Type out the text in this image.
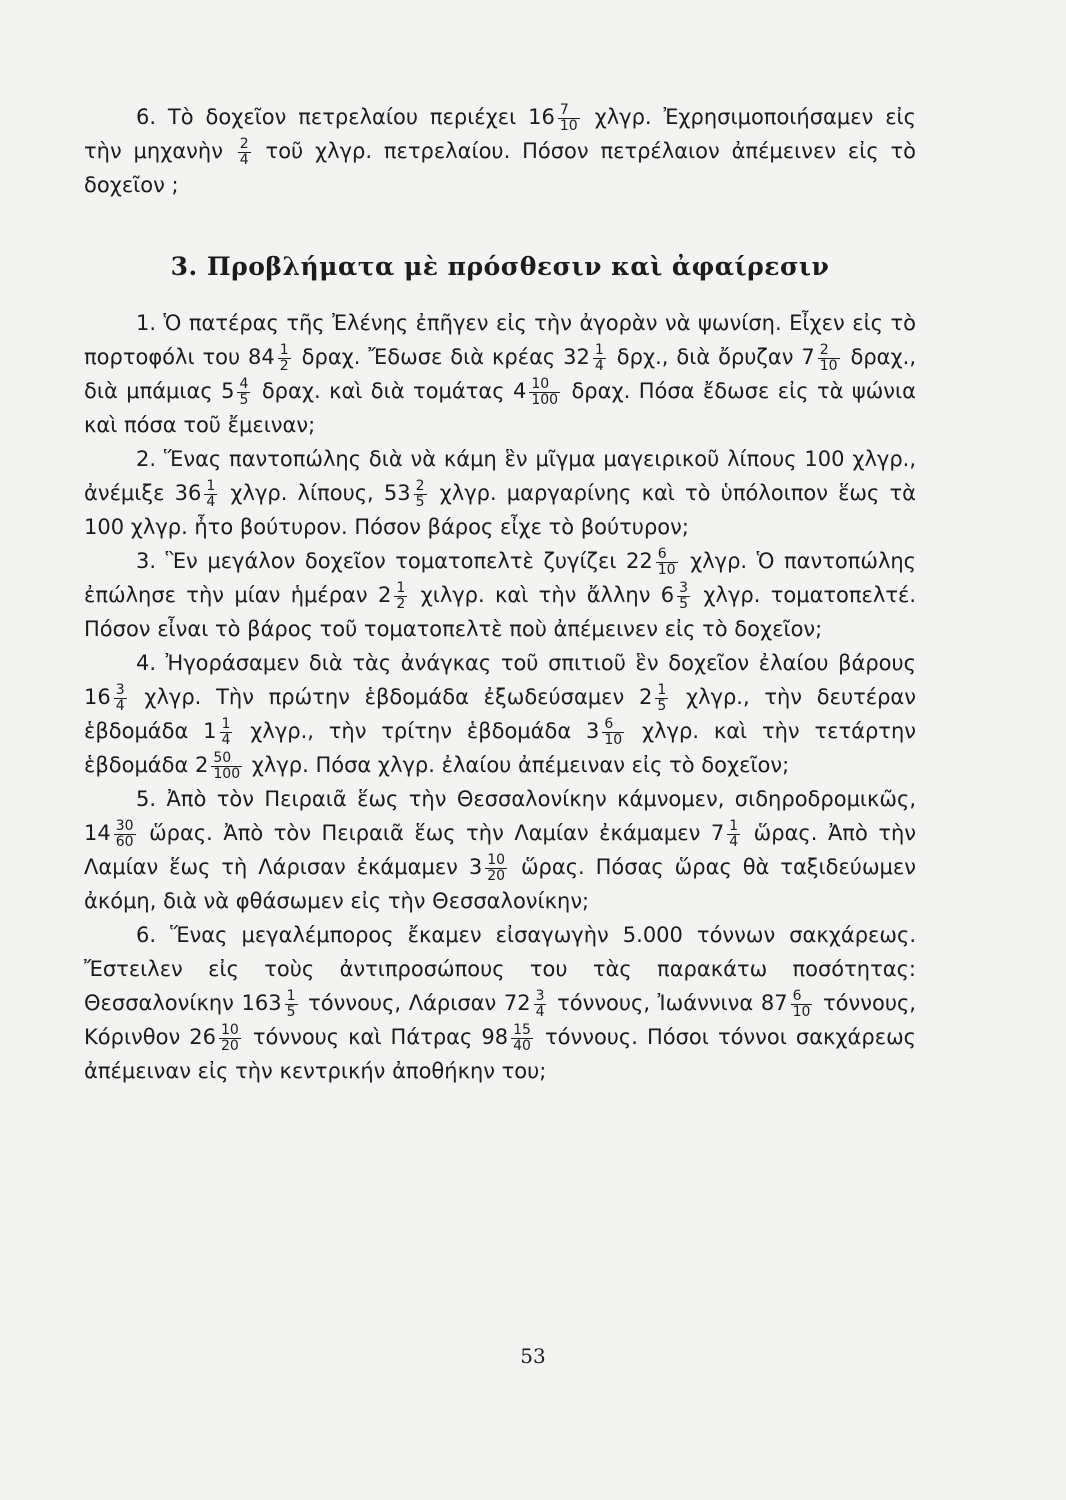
6. Τὸ δοχεῖον πετρελαίου περιέχει $16 \frac{7}{10} \chi\lambda\gamma\rho$. Ἐχρησιμοποιήσαμεν εἰς τὴν μηχανὴν $\frac{2}{4}$ τοῦ χλγρ. πετρελαίου. Πόσον πετρέλαιον ἀπέμεινεν εἰς τὸ δοχεῖον ;

3. Προβλήματα μὲ πρόσθεσιν καὶ ἀφαίρεσιν

1. Ὁ πατέρας τῆς Ἐλένης ἐπῆγεν εἰς τὴν ἀγορὰν νὰ ψωνίση. Εἶχεν εἰς τὸ πορτοφόλι του $84 \frac{1}{2} \delta\rho\alpha\chi$. Ἔδωσε διὰ κρέας $32 \frac{1}{4} \delta\rho\chi$., διὰ ὄρυζαν $7 \frac{2}{10} \delta\rho\alpha\chi$., διὰ μπάμιας $5 \frac{4}{5} \delta\rho\alpha\chi$. καὶ διὰ τομάτας $4 \frac{10}{100} \delta\rho\alpha\chi$. Πόσα ἔδωσε εἰς τὰ ψώνια καὶ πόσα τοῦ ἔμειναν;

2. Ἕνας παντοπώλης διὰ νὰ κάμη ἓν μῖγμα μαγειρικοῦ λίπους 100 χλγρ., ἀνέμιξε $36 \frac{1}{4} \chi\lambda\gamma\rho$. λίπους, $53 \frac{2}{5} \chi\lambda\gamma\rho$. μαργαρίνης καὶ τὸ ὑπόλοιπον ἕως τὰ 100 χλγρ. ἦτο βούτυρον. Πόσον βάρος εἶχε τὸ βούτυρον;

3. Ἓν μεγάλον δοχεῖον τοματοπελτὲ ζυγίζει $22 \frac{6}{10} \chi\lambda\gamma\rho$. Ὁ παντοπώλης ἐπώλησε τὴν μίαν ἡμέραν $2 \frac{1}{2} \chi\iota\lambda\gamma\rho$. καὶ τὴν ἄλλην $6 \frac{3}{5} \chi\lambda\gamma\rho$. τοματοπελτέ. Πόσον εἶναι τὸ βάρος τοῦ τοματοπελτὲ ποὺ ἀπέμεινεν εἰς τὸ δοχεῖον;

4. Ἠγοράσαμεν διὰ τὰς ἀνάγκας τοῦ σπιτιοῦ ἓν δοχεῖον ἐλαίου βάρους $16 \frac{3}{4} \chi\lambda\gamma\rho$. Τὴν πρώτην ἑβδομάδα ἐξωδεύσαμεν $2 \frac{1}{5} \chi\lambda\gamma\rho$., τὴν δευτέραν ἑβδομάδα $1 \frac{1}{4} \chi\lambda\gamma\rho$., τὴν τρίτην ἑβδομάδα $3 \frac{6}{10} \chi\lambda\gamma\rho$. καὶ τὴν τετάρτην ἑβδομάδα $2 \frac{50}{100} \chi\lambda\gamma\rho$. Πόσα χλγρ. ἐλαίου ἀπέμειναν εἰς τὸ δοχεῖον;

5. Ἀπὸ τὸν Πειραιᾶ ἕως τὴν Θεσσαλονίκην κάμνομεν, σιδηροδρομικῶς, $14 \frac{30}{60}$ ὥρας. Ἀπὸ τὸν Πειραιᾶ ἕως τὴν Λαμίαν ἐκάμαμεν $7 \frac{1}{4}$ ὥρας. Ἀπὸ τὴν Λαμίαν ἕως τὴ Λάρισαν ἐκάμαμεν $3 \frac{10}{20}$ ὥρας. Πόσας ὥρας θὰ ταξιδεύωμεν ἀκόμη, διὰ νὰ φθάσωμεν εἰς τὴν Θεσσαλονίκην;

6. Ἕνας μεγαλέμπορος ἔκαμεν εἰσαγωγὴν 5.000 τόννων σακχάρεως. Ἔστειλεν εἰς τοὺς ἀντιπροσώπους του τὰς παρακάτω ποσότητας: Θεσσαλονίκην $163 \frac{1}{5} \tau ό\nu\nu o\upsilon\varsigma$, Λάρισαν $72 \frac{3}{4} \tau ό\nu\nu o\upsilon\varsigma$, Ἰωάννινα $87 \frac{6}{10} \tau ό\nu\nu o\upsilon\varsigma$, Κόρινθον $26 \frac{10}{20}$ τόννους καὶ Πάτρας $98 \frac{15}{40} \tau ό\nu\nu o\upsilon\varsigma$. Πόσοι τόννοι σακχάρεως ἀπέμειναν εἰς τὴν κεντρικήν ἀποθήκην του;

53
